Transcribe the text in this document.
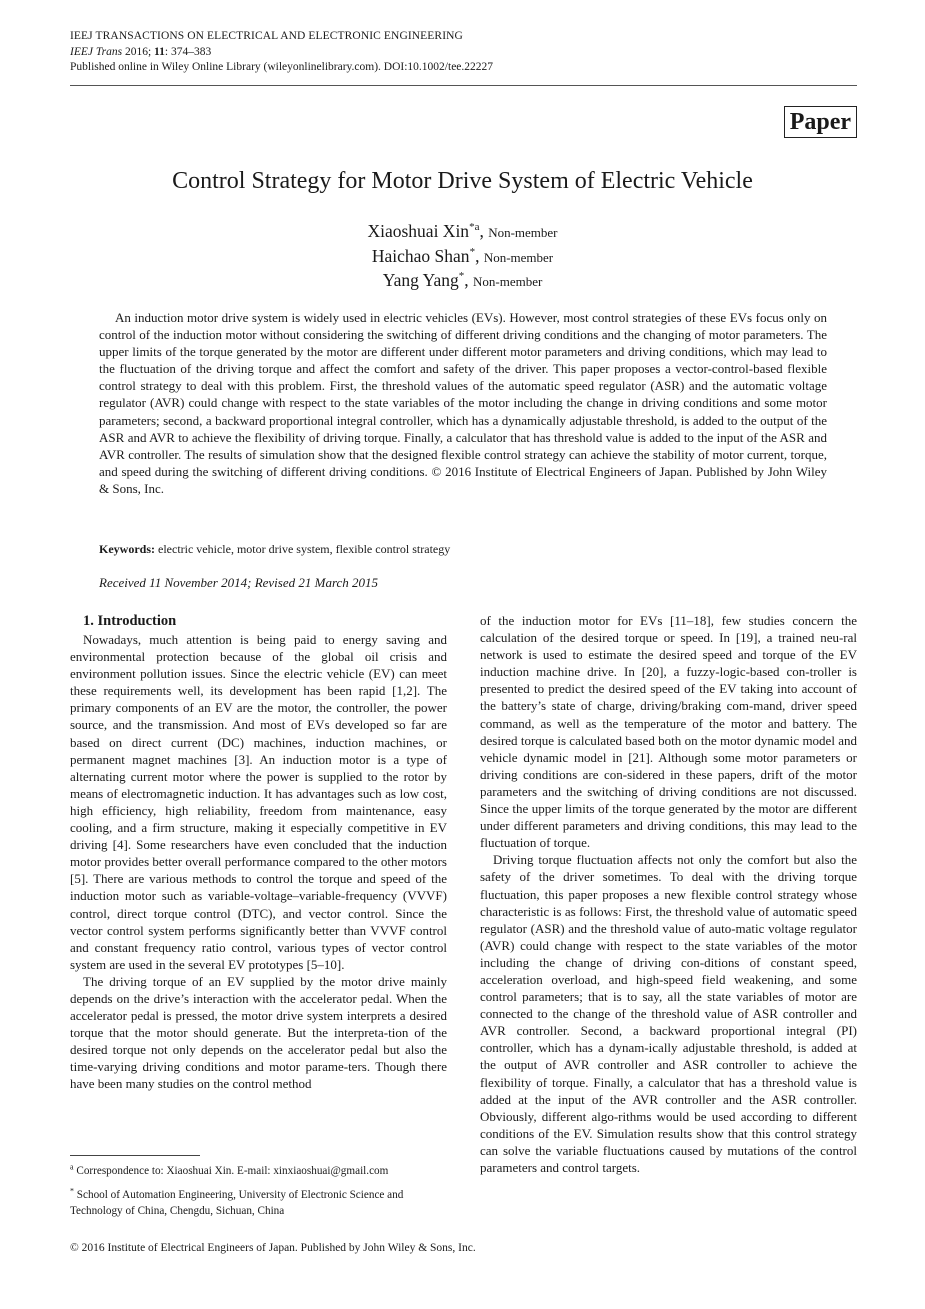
IEEJ TRANSACTIONS ON ELECTRICAL AND ELECTRONIC ENGINEERING
IEEJ Trans 2016; 11: 374–383
Published online in Wiley Online Library (wileyonlinelibrary.com). DOI:10.1002/tee.22227
Paper
Control Strategy for Motor Drive System of Electric Vehicle
Xiaoshuai Xin$^{*a}$, Non-member
Haichao Shan*, Non-member
Yang Yang*, Non-member
An induction motor drive system is widely used in electric vehicles (EVs). However, most control strategies of these EVs focus only on control of the induction motor without considering the switching of different driving conditions and the changing of motor parameters. The upper limits of the torque generated by the motor are different under different motor parameters and driving conditions, which may lead to the fluctuation of the driving torque and affect the comfort and safety of the driver. This paper proposes a vector-control-based flexible control strategy to deal with this problem. First, the threshold values of the automatic speed regulator (ASR) and the automatic voltage regulator (AVR) could change with respect to the state variables of the motor including the change in driving conditions and some motor parameters; second, a backward proportional integral controller, which has a dynamically adjustable threshold, is added to the output of the ASR and AVR to achieve the flexibility of driving torque. Finally, a calculator that has threshold value is added to the input of the ASR and AVR controller. The results of simulation show that the designed flexible control strategy can achieve the stability of motor current, torque, and speed during the switching of different driving conditions. © 2016 Institute of Electrical Engineers of Japan. Published by John Wiley & Sons, Inc.
Keywords: electric vehicle, motor drive system, flexible control strategy
Received 11 November 2014; Revised 21 March 2015

1. Introduction

Nowadays, much attention is being paid to energy saving and environmental protection because of the global oil crisis and environment pollution issues. Since the electric vehicle (EV) can meet these requirements well, its development has been rapid [1,2]. The primary components of an EV are the motor, the controller, the power source, and the transmission. And most of EVs developed so far are based on direct current (DC) machines, induction machines, or permanent magnet machines [3]. An induction motor is a type of alternating current motor where the power is supplied to the rotor by means of electromagnetic induction. It has advantages such as low cost, high efficiency, high reliability, freedom from maintenance, easy cooling, and a firm structure, making it especially competitive in EV driving [4]. Some researchers have even concluded that the induction motor provides better overall performance compared to the other motors [5]. There are various methods to control the torque and speed of the induction motor such as variable-voltage–variable-frequency (VVVF) control, direct torque control (DTC), and vector control. Since the vector control system performs significantly better than VVVF control and constant frequency ratio control, various types of vector control system are used in the several EV prototypes [5–10].

The driving torque of an EV supplied by the motor drive mainly depends on the drive’s interaction with the accelerator pedal. When the accelerator pedal is pressed, the motor drive system interprets a desired torque that the motor should generate. But the interpreta-tion of the desired torque not only depends on the accelerator pedal but also the time-varying driving conditions and motor parame-ters. Though there have been many studies on the control method

of the induction motor for EVs [11–18], few studies concern the calculation of the desired torque or speed. In [19], a trained neu-ral network is used to estimate the desired speed and torque of the EV induction machine drive. In [20], a fuzzy-logic-based con-troller is presented to predict the desired speed of the EV taking into account of the battery’s state of charge, driving/braking com-mand, driver speed command, as well as the temperature of the motor and battery. The desired torque is calculated based both on the motor dynamic model and vehicle dynamic model in [21]. Although some motor parameters or driving conditions are con-sidered in these papers, drift of the motor parameters and the switching of driving conditions are not discussed. Since the upper limits of the torque generated by the motor are different under different parameters and driving conditions, this may lead to the fluctuation of torque.

Driving torque fluctuation affects not only the comfort but also the safety of the driver sometimes. To deal with the driving torque fluctuation, this paper proposes a new flexible control strategy whose characteristic is as follows: First, the threshold value of automatic speed regulator (ASR) and the threshold value of auto-matic voltage regulator (AVR) could change with respect to the state variables of the motor including the change of driving con-ditions of constant speed, acceleration overload, and high-speed field weakening, and some control parameters; that is to say, all the state variables of motor are connected to the change of the threshold value of ASR controller and AVR controller. Second, a backward proportional integral (PI) controller, which has a dynam-ically adjustable threshold, is added at the output of AVR controller and ASR controller to achieve the flexibility of torque. Finally, a calculator that has a threshold value is added at the input of the AVR controller and the ASR controller. Obviously, different algo-rithms would be used according to different conditions of the EV. Simulation results show that this control strategy can solve the variable fluctuations caused by mutations of the control parameters and control targets.

$^a$ Correspondence to: Xiaoshuai Xin. E-mail: xinxiaoshuai@gmail.com
* School of Automation Engineering, University of Electronic Science and Technology of China, Chengdu, Sichuan, China
© 2016 Institute of Electrical Engineers of Japan. Published by John Wiley & Sons, Inc.
